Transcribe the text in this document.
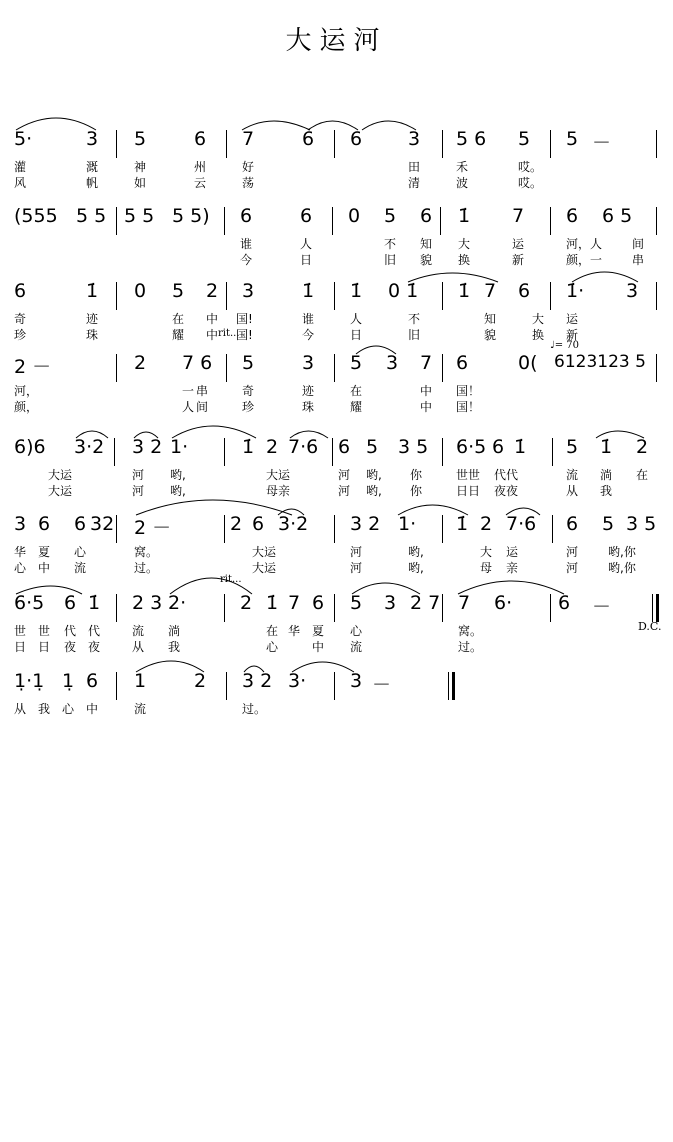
大运河

5·

	3

5

	6

7

	6

6

3

5 6

5

5

－

灌	溉	神	州	好	田	禾	哎。
风	帆	如	云	荡	清	波	哎。

(555

5 5

5 5

5 5)

6

	6

0

5

6

1̇

7

6

6 5

谁	人	不 知 大	运	河，人 间
今	日	旧 貌 换	新	颜，一 串

6

	1̇

0

5

2

3

	1̇

1̇

0 1̇

1̇

7

6

1̇·

3

奇	迹	在 中 国!	谁	人	不	知	大 运
珍	珠	耀 中 国!	今	日	旧	貌	换 新
rit...

2 －

	2

7 6

5

	3

5

3

7

6

	0(

6123123 5

河，	一 串	奇	迹	在	中 国！
颜，	人 间	珍	珠	耀	中 国！
♩= 70

6)6

3·2

3 2

1·

	1̇

2

7·6

6

5

3 5

6·5

6

1̇

5

1̇

2

大运	河 哟,	大运	河 哟, 你	世世 代代	流 淌 在
大运	河 哟,	母亲	河 哟, 你	日日 夜夜	从 我

3

6

6

32

2 －

	2

6

3·2

3 2

1·

1̇

2

7·6

6

5

3 5

华 夏 心	窝。	大运	河	哟,	大 运	河 哟,你
心 中 流	过。	大运	河	哟,	母 亲	河 哟,你

6·5

6

1̇

2 3

2·

	2

1̇

7

6

5

3

2 7

7

6·

6

－

世 世 代 代	流 淌	在 华 夏 心	窝。
日 日 夜 夜	从 我	心	中 流	过。
rit...
D.C.

1̣·1̣

1̣

6

1

	2

3 2

3·

3

－

从 我 心 中	流	过。
